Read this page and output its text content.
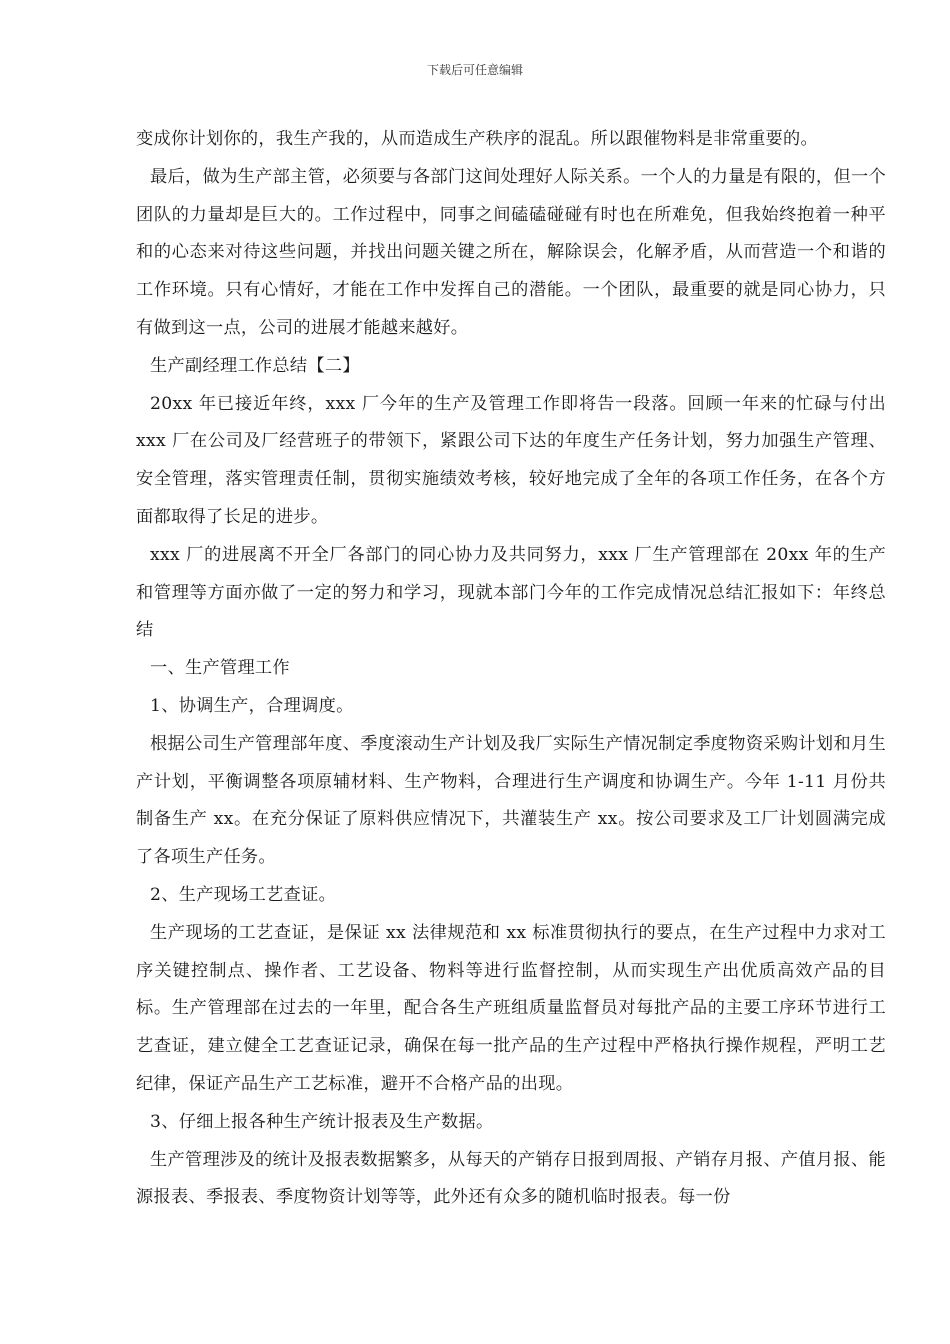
下载后可任意编辑

变成你计划你的，我生产我的，从而造成生产秩序的混乱。所以跟催物料是非常重要的。

最后，做为生产部主管，必须要与各部门这间处理好人际关系。一个人的力量是有限的，但一个团队的力量却是巨大的。工作过程中，同事之间磕磕碰碰有时也在所难免，但我始终抱着一种平和的心态来对待这些问题，并找出问题关键之所在，解除误会，化解矛盾，从而营造一个和谐的工作环境。只有心情好，才能在工作中发挥自己的潜能。一个团队，最重要的就是同心协力，只有做到这一点，公司的进展才能越来越好。

生产副经理工作总结【二】

20xx 年已接近年终，xxx 厂今年的生产及管理工作即将告一段落。回顾一年来的忙碌与付出 xxx 厂在公司及厂经营班子的带领下，紧跟公司下达的年度生产任务计划，努力加强生产管理、安全管理，落实管理责任制，贯彻实施绩效考核，较好地完成了全年的各项工作任务，在各个方面都取得了长足的进步。

xxx 厂的进展离不开全厂各部门的同心协力及共同努力，xxx 厂生产管理部在 20xx 年的生产和管理等方面亦做了一定的努力和学习，现就本部门今年的工作完成情况总结汇报如下：年终总结

一、生产管理工作

1、协调生产，合理调度。

根据公司生产管理部年度、季度滚动生产计划及我厂实际生产情况制定季度物资采购计划和月生产计划，平衡调整各项原辅材料、生产物料，合理进行生产调度和协调生产。今年 1-11 月份共制备生产 xx。在充分保证了原料供应情况下，共灌装生产 xx。按公司要求及工厂计划圆满完成了各项生产任务。

2、生产现场工艺查证。

生产现场的工艺查证，是保证 xx 法律规范和 xx 标准贯彻执行的要点，在生产过程中力求对工序关键控制点、操作者、工艺设备、物料等进行监督控制，从而实现生产出优质高效产品的目标。生产管理部在过去的一年里，配合各生产班组质量监督员对每批产品的主要工序环节进行工艺查证，建立健全工艺查证记录，确保在每一批产品的生产过程中严格执行操作规程，严明工艺纪律，保证产品生产工艺标准，避开不合格产品的出现。

3、仔细上报各种生产统计报表及生产数据。

生产管理涉及的统计及报表数据繁多，从每天的产销存日报到周报、产销存月报、产值月报、能源报表、季报表、季度物资计划等等，此外还有众多的随机临时报表。每一份
